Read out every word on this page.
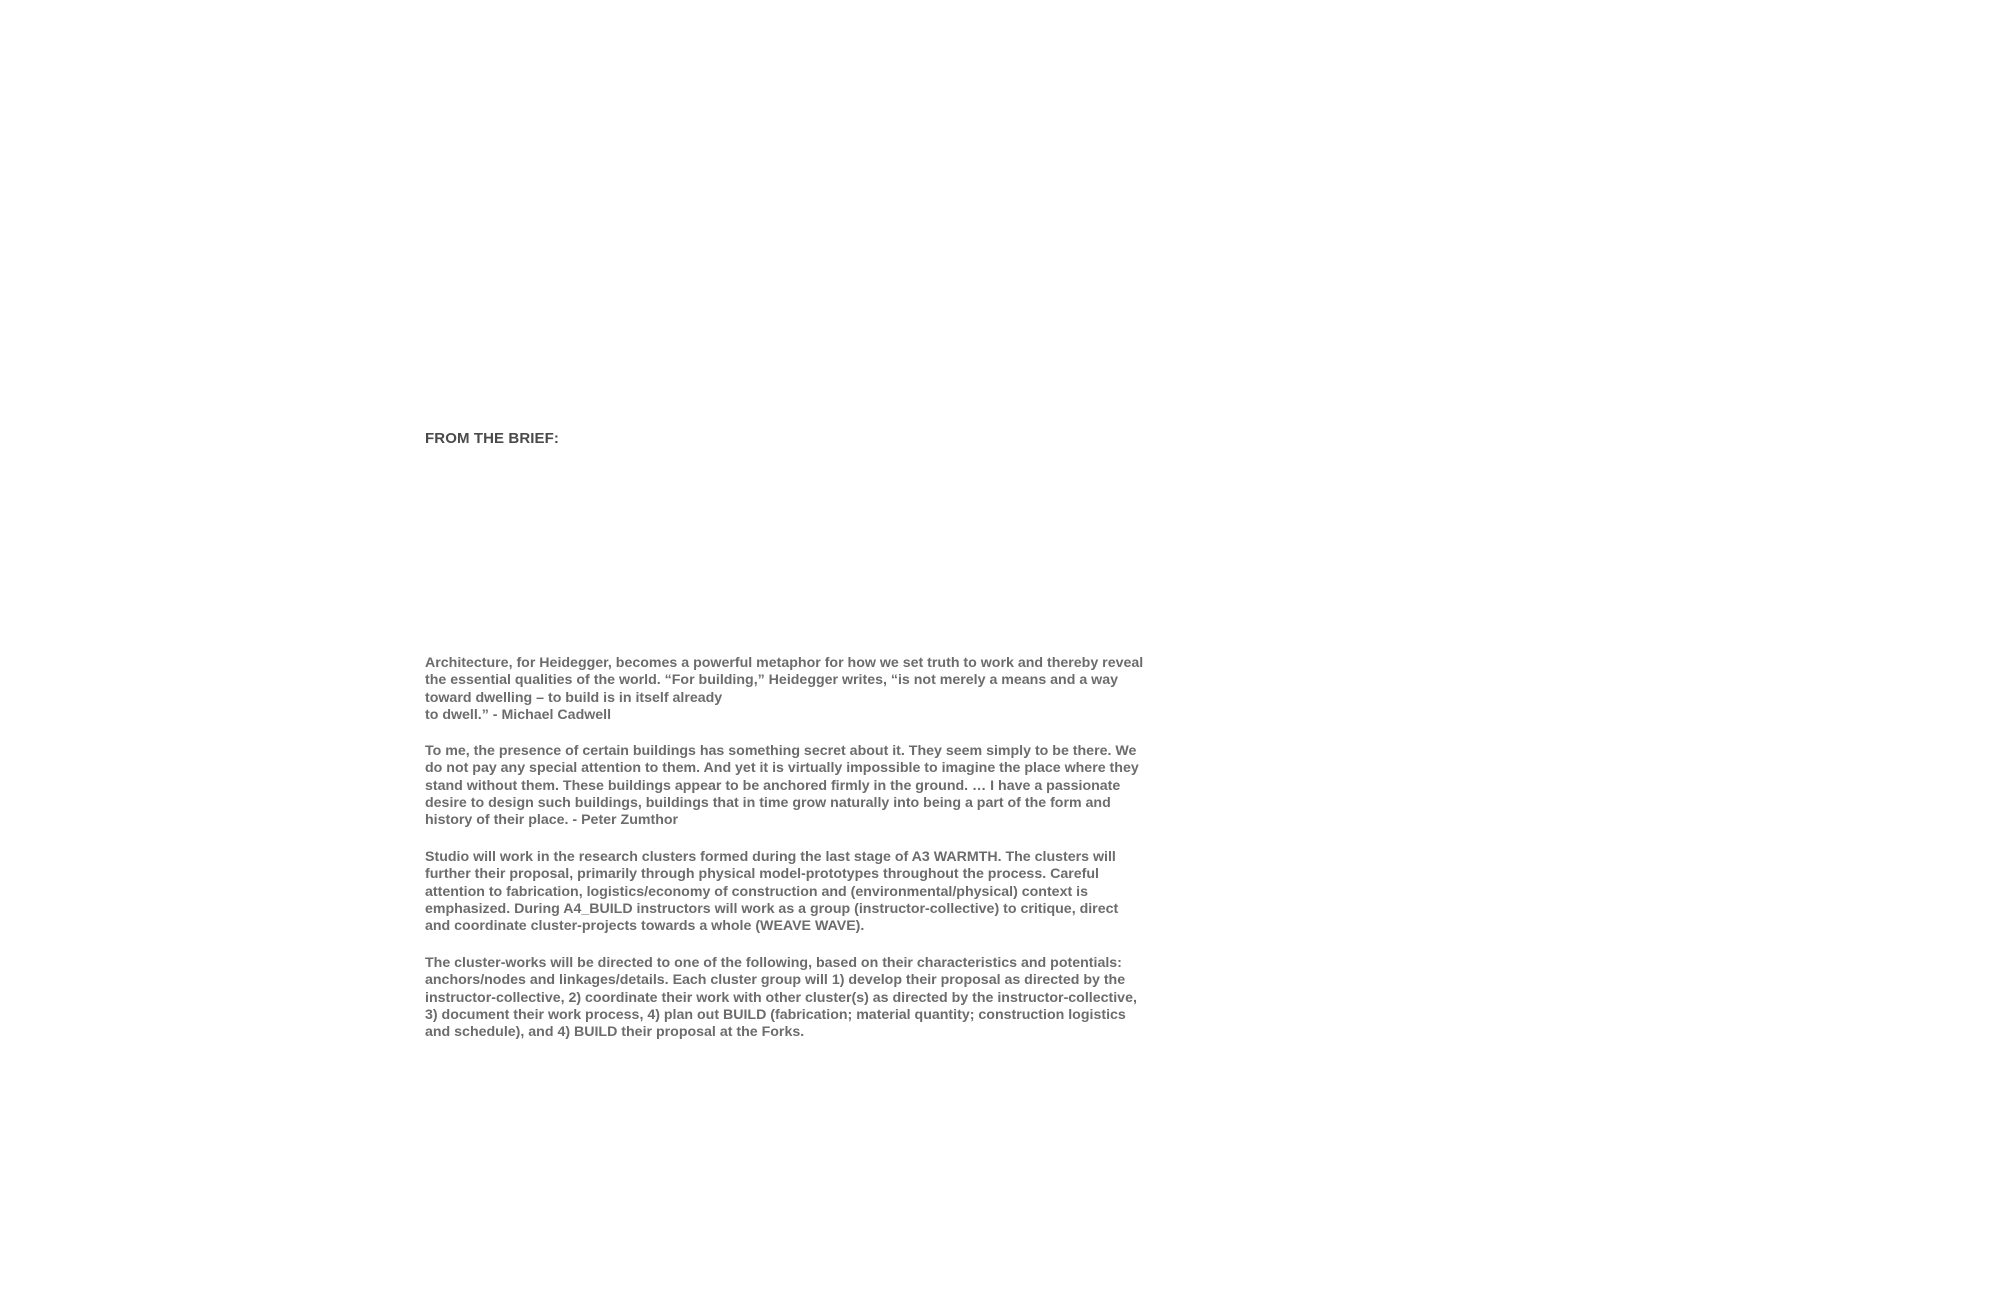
FROM THE BRIEF:
Architecture, for Heidegger, becomes a powerful metaphor for how we set truth to work and thereby reveal
the essential qualities of the world. “For building,” Heidegger writes, “is not merely a means and a way
toward dwelling – to build is in itself already
to dwell.” - Michael Cadwell
To me, the presence of certain buildings has something secret about it. They seem simply to be there. We
do not pay any special attention to them. And yet it is virtually impossible to imagine the place where they
stand without them. These buildings appear to be anchored firmly in the ground. … I have a passionate
desire to design such buildings, buildings that in time grow naturally into being a part of the form and
history of their place. - Peter Zumthor
Studio will work in the research clusters formed during the last stage of A3 WARMTH. The clusters will
further their proposal, primarily through physical model-prototypes throughout the process. Careful
attention to fabrication, logistics/economy of construction and (environmental/physical) context is
emphasized. During A4_BUILD instructors will work as a group (instructor-collective) to critique, direct
and coordinate cluster-projects towards a whole (WEAVE WAVE).
The cluster-works will be directed to one of the following, based on their characteristics and potentials:
anchors/nodes and linkages/details. Each cluster group will 1) develop their proposal as directed by the
instructor-collective, 2) coordinate their work with other cluster(s) as directed by the instructor-collective,
3) document their work process, 4) plan out BUILD (fabrication; material quantity; construction logistics
and schedule), and 4) BUILD their proposal at the Forks.
